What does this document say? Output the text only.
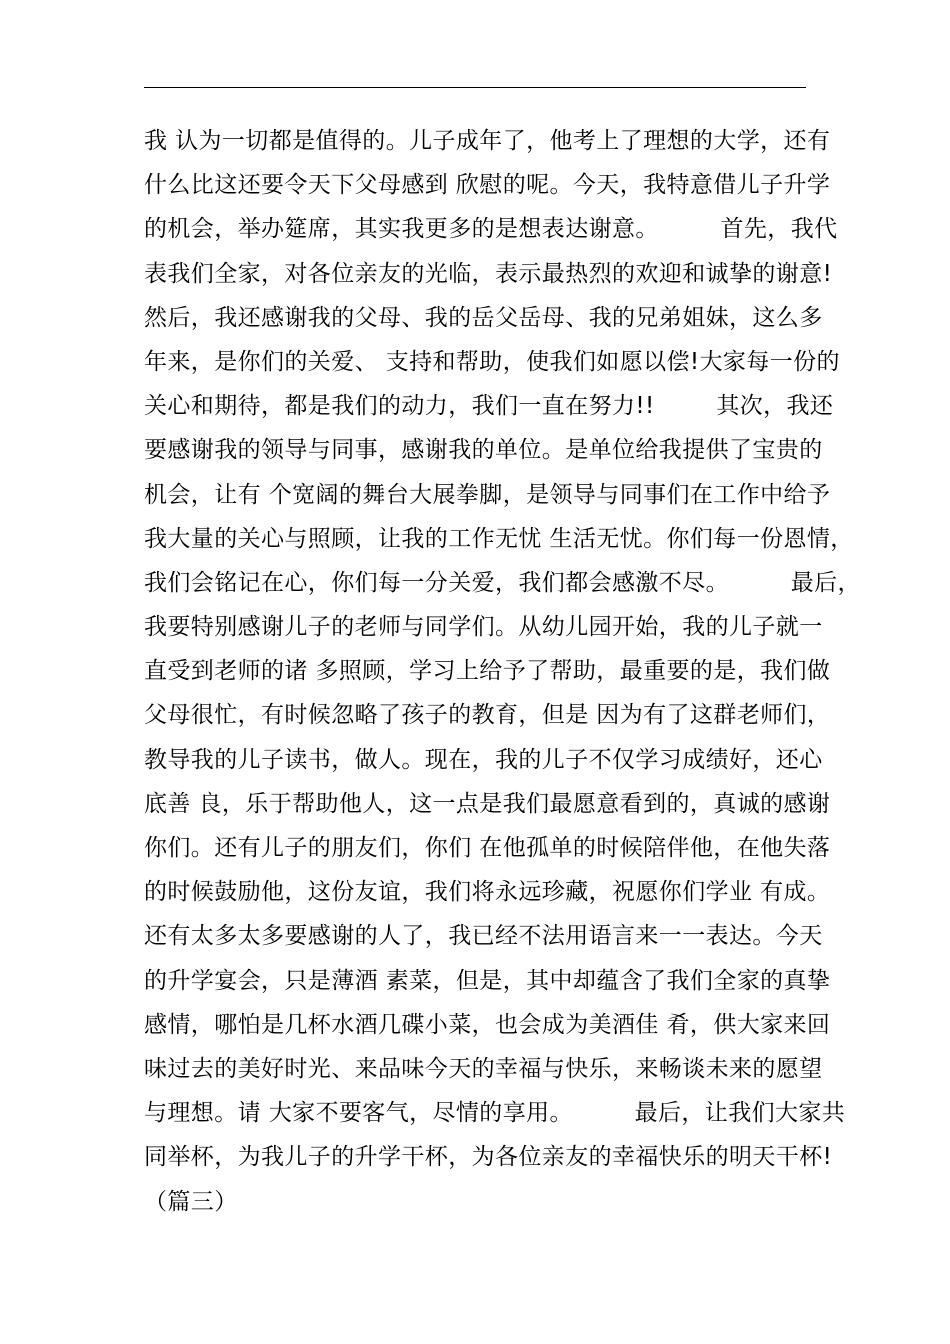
我 认为一切都是值得的。儿子成年了，他考上了理想的大学，还有
什么比这还要令天下父母感到 欣慰的呢。今天，我特意借儿子升学
的机会，举办筵席，其实我更多的是想表达谢意。        首先，我代
表我们全家，对各位亲友的光临，表示最热烈的欢迎和诚挚的谢意!
然后，我还感谢我的父母、我的岳父岳母、我的兄弟姐妹，这么多
年来，是你们的关爱、 支持和帮助，使我们如愿以偿!大家每一份的
关心和期待，都是我们的动力，我们一直在努力!!        其次，我还
要感谢我的领导与同事，感谢我的单位。是单位给我提供了宝贵的
机会，让有 个宽阔的舞台大展拳脚，是领导与同事们在工作中给予
我大量的关心与照顾，让我的工作无忧 生活无忧。你们每一份恩情，
我们会铭记在心，你们每一分关爱，我们都会感激不尽。        最后，
我要特别感谢儿子的老师与同学们。从幼儿园开始，我的儿子就一
直受到老师的诸 多照顾，学习上给予了帮助，最重要的是，我们做
父母很忙，有时候忽略了孩子的教育，但是 因为有了这群老师们，
教导我的儿子读书，做人。现在，我的儿子不仅学习成绩好，还心
底善 良，乐于帮助他人，这一点是我们最愿意看到的，真诚的感谢
你们。还有儿子的朋友们，你们 在他孤单的时候陪伴他，在他失落
的时候鼓励他，这份友谊，我们将永远珍藏，祝愿你们学业 有成。
还有太多太多要感谢的人了，我已经不法用语言来一一表达。今天
的升学宴会，只是薄酒 素菜，但是，其中却蕴含了我们全家的真挚
感情，哪怕是几杯水酒几碟小菜，也会成为美酒佳 肴，供大家来回
味过去的美好时光、来品味今天的幸福与快乐，来畅谈未来的愿望
与理想。请 大家不要客气，尽情的享用。        最后，让我们大家共
同举杯，为我儿子的升学干杯，为各位亲友的幸福快乐的明天干杯!
（篇三）
